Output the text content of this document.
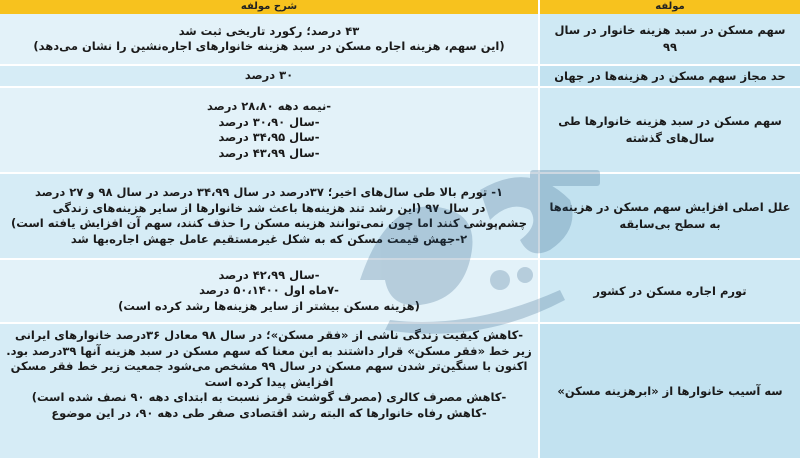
مولفه
شرح مولفه
سهم مسکن در سبد هزینه خانوار در سال ۹۹
۴۳ درصد؛ رکورد تاریخی ثبت شد
(این سهم، هزینه اجاره مسکن در سبد هزینه خانوارهای اجاره‌نشین را نشان می‌دهد)
حد مجاز سهم مسکن در هزینه‌ها در جهان
۳۰ درصد
سهم مسکن در سبد هزینه خانوارها طی سال‌های گذشته
-نیمه دهه ۲۸،۸۰ درصد
-سال ۳۰،۹۰ درصد
-سال ۳۴،۹۵ درصد
-سال ۴۳،۹۹ درصد
علل اصلی افزایش سهم مسکن در هزینه‌ها به سطح بی‌سابقه
۱- تورم بالا طی سال‌های اخیر؛ ۳۷درصد در سال ۳۴،۹۹ درصد در سال ۹۸ و ۲۷ درصد
در سال ۹۷ (این رشد تند هزینه‌ها باعث شد خانوارها از سایر هزینه‌های زندگی
چشم‌پوشی کنند اما چون نمی‌توانند هزینه مسکن را حذف کنند، سهم آن افزایش یافته است)
۲-جهش قیمت مسکن که به شکل غیرمستقیم عامل جهش اجاره‌بها شد
تورم اجاره مسکن در کشور
-سال ۴۲،۹۹ درصد
-۷ماه اول ۵۰،۱۴۰۰ درصد
(هزینه مسکن بیشتر از سایر هزینه‌ها رشد کرده است)
سه آسیب خانوارها از «ابرهزینه مسکن»
-کاهش کیفیت زندگی ناشی از «فقر مسکن»؛ در سال ۹۸ معادل ۳۶درصد خانوارهای ایرانی
زیر خط «فقر مسکن» قرار داشتند به این معنا که سهم مسکن در سبد هزینه آنها ۳۹درصد بود.
اکنون با سنگین‌تر شدن سهم مسکن در سال ۹۹ مشخص می‌شود جمعیت زیر خط فقر مسکن
افزایش پیدا کرده است
-کاهش مصرف کالری (مصرف گوشت قرمز نسبت به ابتدای دهه ۹۰ نصف شده است)
-کاهش رفاه خانوارها که البته رشد اقتصادی صفر طی دهه ۹۰، در این موضوع
